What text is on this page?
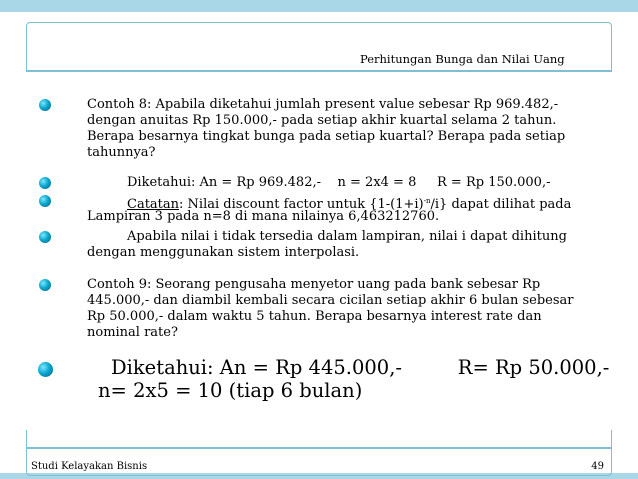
Perhitungan Bunga dan Nilai Uang
Contoh 8: Apabila diketahui jumlah present value sebesar Rp 969.482,-
dengan anuitas Rp 150.000,- pada setiap akhir kuartal selama 2 tahun.
Berapa besarnya tingkat bunga pada setiap kuartal? Berapa pada setiap
tahunnya?
Diketahui: An = Rp 969.482,-    n = 2x4 = 8     R = Rp 150.000,-
Catatan: Nilai discount factor untuk $\{1-(1+i)^{-n}/i\}$ dapat dilihat pada
Lampiran 3 pada n=8 di mana nilainya 6,463212760.
Apabila nilai i tidak tersedia dalam lampiran, nilai i dapat dihitung
dengan menggunakan sistem interpolasi.
Contoh 9: Seorang pengusaha menyetor uang pada bank sebesar Rp
445.000,- dan diambil kembali secara cicilan setiap akhir 6 bulan sebesar
Rp 50.000,- dalam waktu 5 tahun. Berapa besarnya interest rate dan
nominal rate?
Diketahui: An = Rp 445.000,-         R= Rp 50.000,-
n= 2x5 = 10 (tiap 6 bulan)
Studi Kelayakan Bisnis	49
